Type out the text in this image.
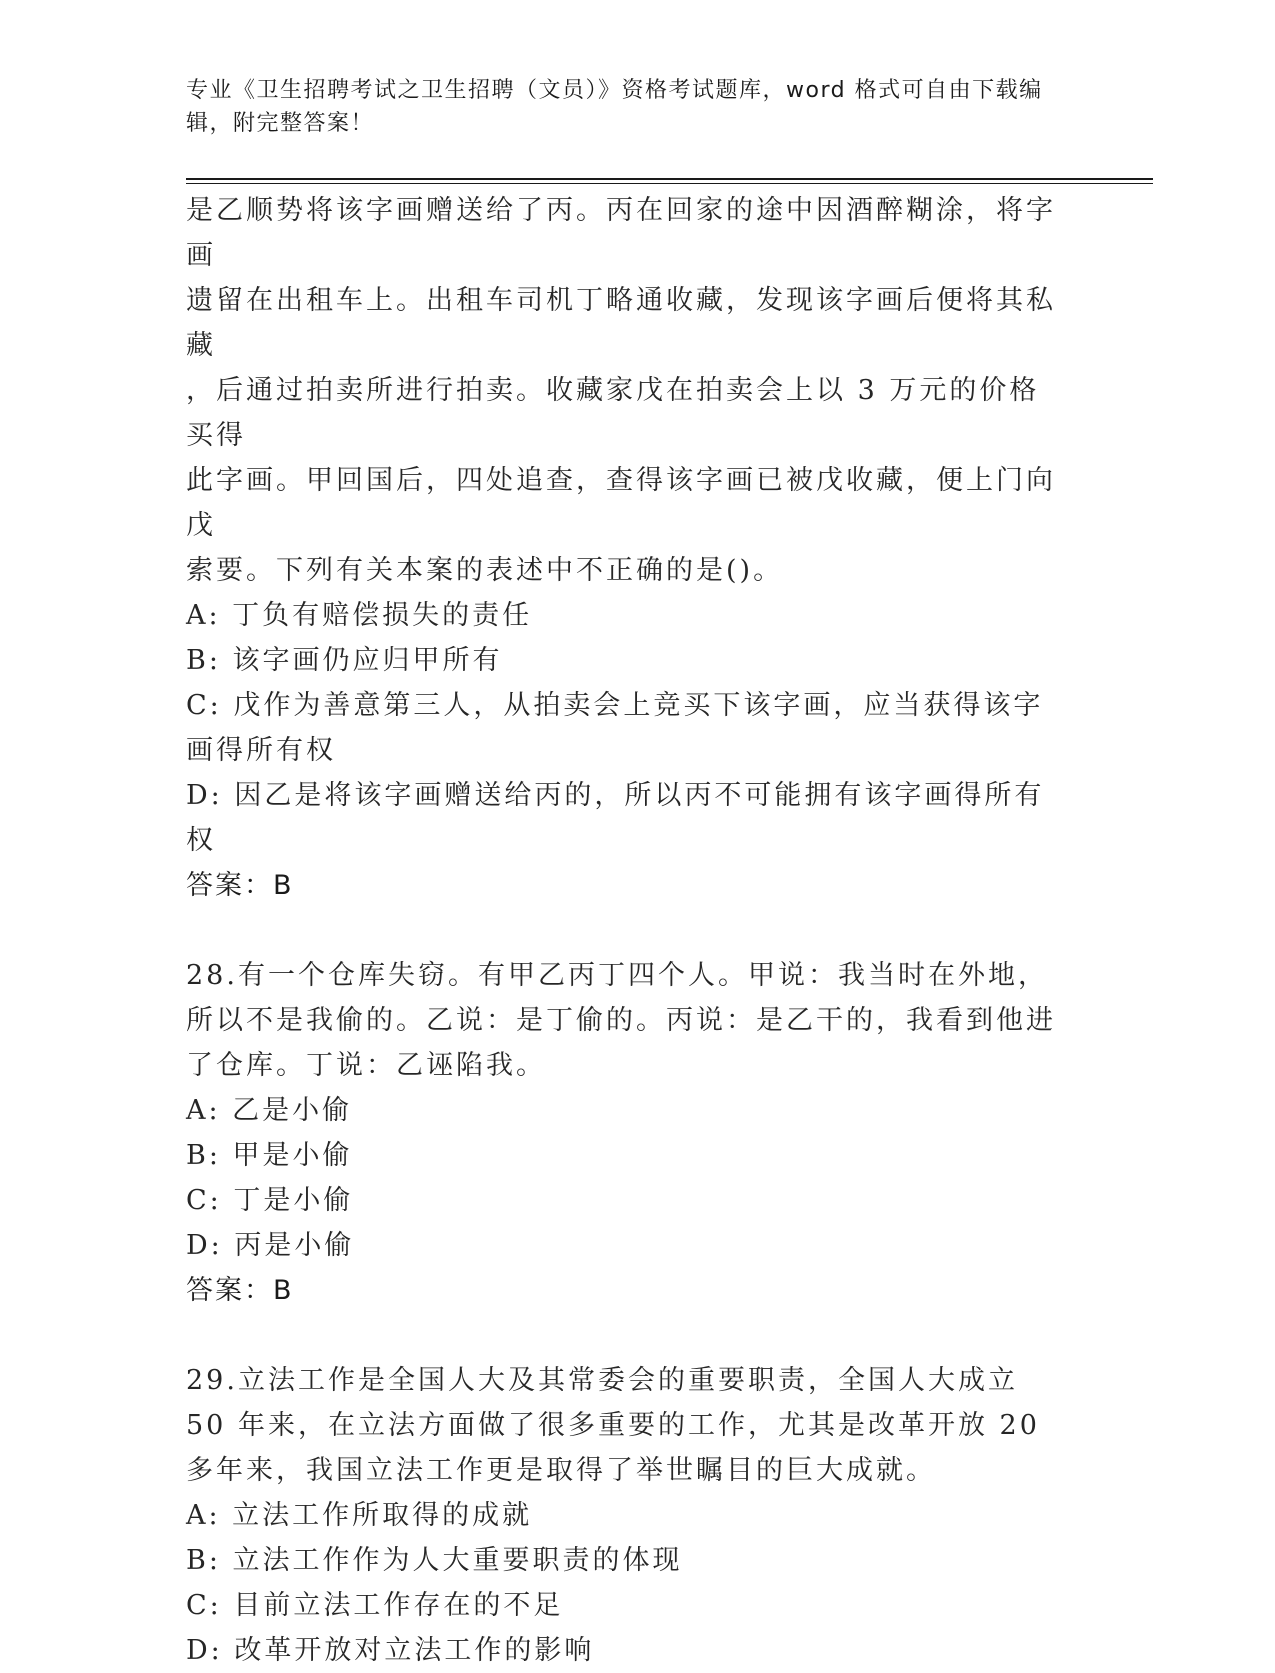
专业《卫生招聘考试之卫生招聘（文员）》资格考试题库，word 格式可自由下载编辑，附完整答案！

是乙顺势将该字画赠送给了丙。丙在回家的途中因酒醉糊涂，将字画

遗留在出租车上。出租车司机丁略通收藏，发现该字画后便将其私藏

，后通过拍卖所进行拍卖。收藏家戊在拍卖会上以 3 万元的价格买得

此字画。甲回国后，四处追查，查得该字画已被戊收藏，便上门向戊

索要。下列有关本案的表述中不正确的是()。

A: 丁负有赔偿损失的责任

B: 该字画仍应归甲所有

C: 戊作为善意第三人，从拍卖会上竞买下该字画，应当获得该字画得所有权

D: 因乙是将该字画赠送给丙的，所以丙不可能拥有该字画得所有权

答案：B

28.有一个仓库失窃。有甲乙丙丁四个人。甲说：我当时在外地，所以不是我偷的。乙说：是丁偷的。丙说：是乙干的，我看到他进了仓库。丁说：乙诬陷我。

A: 乙是小偷

B: 甲是小偷

C: 丁是小偷

D: 丙是小偷

答案：B

29.立法工作是全国人大及其常委会的重要职责，全国人大成立 50 年来，在立法方面做了很多重要的工作，尤其是改革开放 20 多年来，我国立法工作更是取得了举世瞩目的巨大成就。

A: 立法工作所取得的成就

B: 立法工作作为人大重要职责的体现

C: 目前立法工作存在的不足

D: 改革开放对立法工作的影响
